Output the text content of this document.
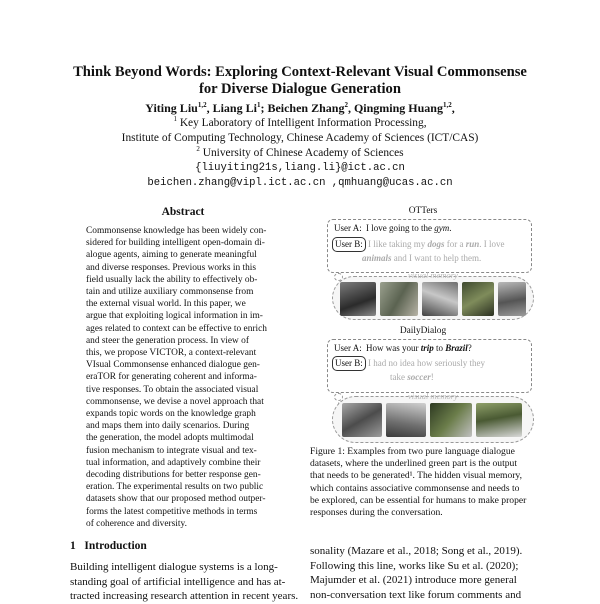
Think Beyond Words: Exploring Context-Relevant Visual Commonsense
for Diverse Dialogue Generation
Yiting Liu$^{1,2}$, Liang Li$^1$; Beichen Zhang$^2$, Qingming Huang$^{1,2}$,
$^1$ Key Laboratory of Intelligent Information Processing,
Institute of Computing Technology, Chinese Academy of Sciences (ICT/CAS)
$^2$ University of Chinese Academy of Sciences
{liuyiting21s,liang.li}@ict.ac.cn
beichen.zhang@vipl.ict.ac.cn ,qmhuang@ucas.ac.cn
Abstract
Commonsense knowledge has been widely con-
sidered for building intelligent open-domain di-
alogue agents, aiming to generate meaningful
and diverse responses. Previous works in this
field usually lack the ability to effectively ob-
tain and utilize auxiliary commonsense from
the external visual world. In this paper, we
argue that exploiting logical information in im-
ages related to context can be effective to enrich
and steer the generation process. In view of
this, we propose VICTOR, a context-relevant
VIsual Commonsense enhanced dialogue gen-
eraTOR for generating coherent and informa-
tive responses. To obtain the associated visual
commonsense, we devise a novel approach that
expands topic words on the knowledge graph
and maps them into daily scenarios. During
the generation, the model adopts multimodal
fusion mechanism to integrate visual and tex-
tual information, and adaptively combine their
decoding distributions for better response gen-
eration. The experimental results on two public
datasets show that our proposed method outper-
forms the latest competitive methods in terms
of coherence and diversity.
1 Introduction
Building intelligent dialogue systems is a long-
standing goal of artificial intelligence and has at-
tracted increasing research attention in recent years.
sonality (Mazare et al., 2018; Song et al., 2019).
Following this line, works like Su et al. (2020);
Majumder et al. (2021) introduce more general
non-conversation text like forum comments and
OTTers
User A: I love going to the gym.
User B: I like taking my dogs for a run. I love
animals and I want to help them.
visual memory
DailyDialog
User A: How was your trip to Brazil?
User B: I had no idea how seriously they
take soccer!
visual memory
Figure 1: Examples from two pure language dialogue
datasets, where the underlined green part is the output
that needs to be generated¹. The hidden visual memory,
which contains associative commonsense and needs to
be explored, can be essential for humans to make proper
responses during the conversation.
